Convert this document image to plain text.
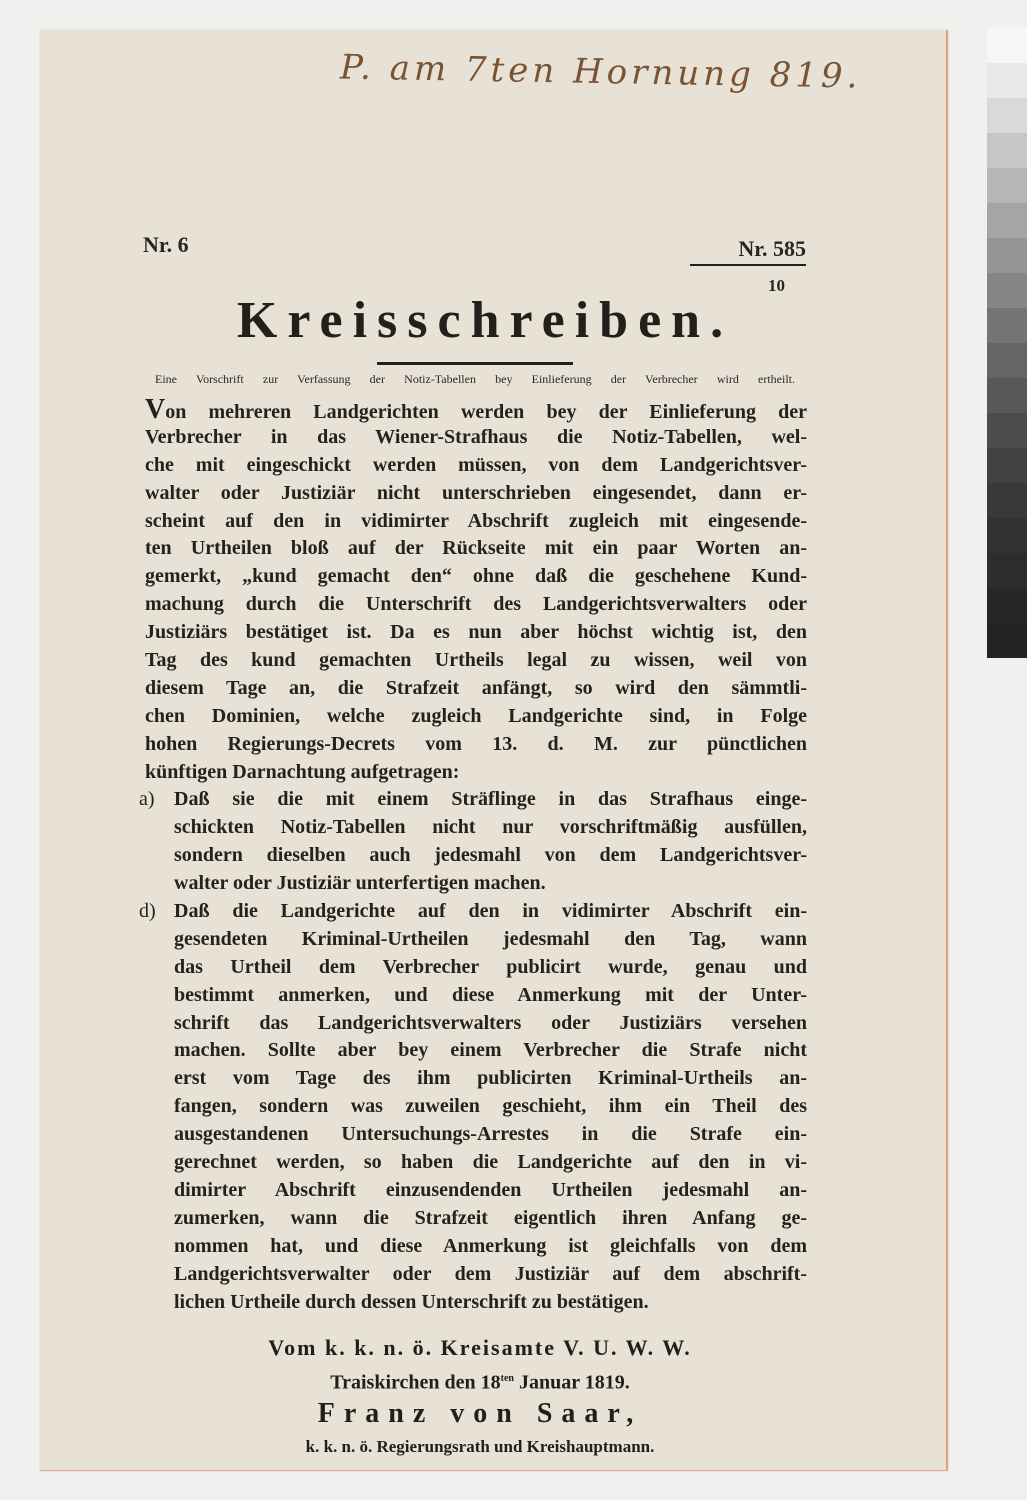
P. am 7ten Hornung 819.
Nr. 6	Nr. 585
10
Kreisschreiben.
Eine Vorschrift zur Verfassung der Notiz-Tabellen bey Einlieferung der Verbrecher wird ertheilt.
Von mehreren Landgerichten werden bey der Einlieferung der
Verbrecher in das Wiener-Strafhaus die Notiz-Tabellen, wel-
che mit eingeschickt werden müssen, von dem Landgerichtsver-
walter oder Justiziär nicht unterschrieben eingesendet, dann er-
scheint auf den in vidimirter Abschrift zugleich mit eingesende-
ten Urtheilen bloß auf der Rückseite mit ein paar Worten an-
gemerkt, „kund gemacht den“ ohne daß die geschehene Kund-
machung durch die Unterschrift des Landgerichtsverwalters oder
Justiziärs bestätiget ist. Da es nun aber höchst wichtig ist, den
Tag des kund gemachten Urtheils legal zu wissen, weil von
diesem Tage an, die Strafzeit anfängt, so wird den sämmtli-
chen Dominien, welche zugleich Landgerichte sind, in Folge
hohen Regierungs-Decrets vom 13. d. M. zur pünctlichen
künftigen Darnachtung aufgetragen:
a) Daß sie die mit einem Sträflinge in das Strafhaus einge-
schickten Notiz-Tabellen nicht nur vorschriftmäßig ausfüllen,
sondern dieselben auch jedesmahl von dem Landgerichtsver-
walter oder Justiziär unterfertigen machen.
d) Daß die Landgerichte auf den in vidimirter Abschrift ein-
gesendeten Kriminal-Urtheilen jedesmahl den Tag, wann
das Urtheil dem Verbrecher publicirt wurde, genau und
bestimmt anmerken, und diese Anmerkung mit der Unter-
schrift das Landgerichtsverwalters oder Justiziärs versehen
machen. Sollte aber bey einem Verbrecher die Strafe nicht
erst vom Tage des ihm publicirten Kriminal-Urtheils an-
fangen, sondern was zuweilen geschieht, ihm ein Theil des
ausgestandenen Untersuchungs-Arrestes in die Strafe ein-
gerechnet werden, so haben die Landgerichte auf den in vi-
dimirter Abschrift einzusendenden Urtheilen jedesmahl an-
zumerken, wann die Strafzeit eigentlich ihren Anfang ge-
nommen hat, und diese Anmerkung ist gleichfalls von dem
Landgerichtsverwalter oder dem Justiziär auf dem abschrift-
lichen Urtheile durch dessen Unterschrift zu bestätigen.
Vom k. k. n. ö. Kreisamte V. U. W. W.
Traiskirchen den $18^{ten}$ Januar 1819.
Franz von Saar,
k. k. n. ö. Regierungsrath und Kreishauptmann.
